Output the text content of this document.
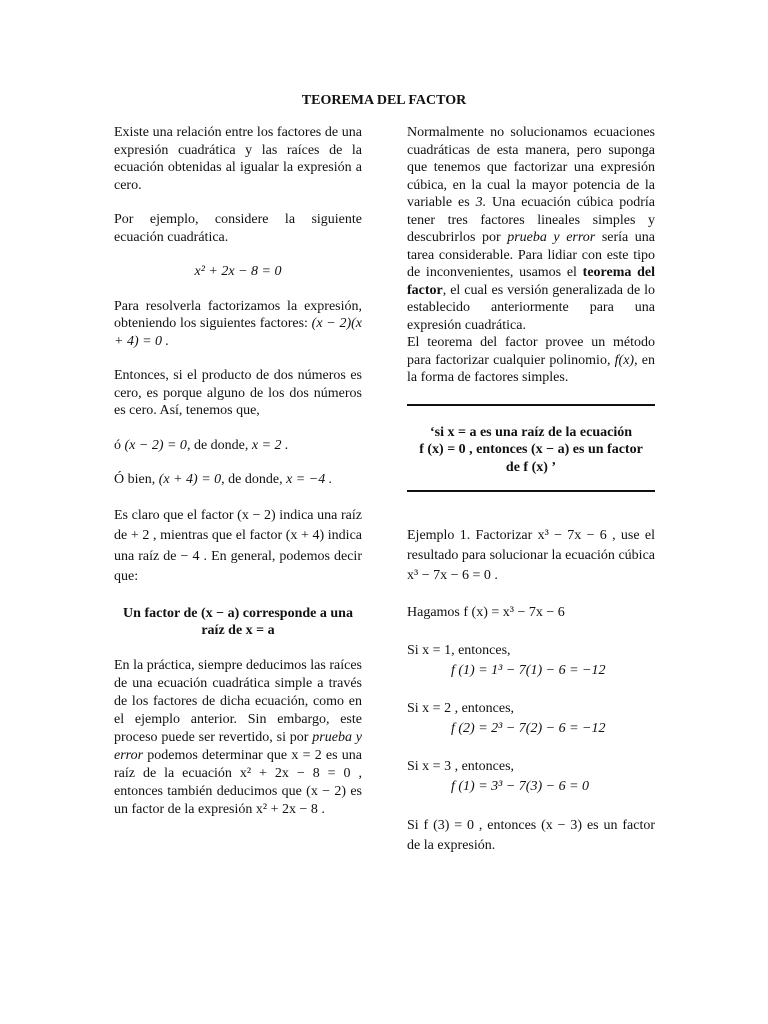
TEOREMA DEL FACTOR

Existe una relación entre los factores de una expresión cuadrática y las raíces de la ecuación obtenidas al igualar la expresión a cero.

Por ejemplo, considere la siguiente ecuación cuadrática.

x² + 2x − 8 = 0

Para resolverla factorizamos la expresión, obteniendo los siguientes factores: (x − 2)(x + 4) = 0 .

Entonces, si el producto de dos números es cero, es porque alguno de los dos números es cero. Así, tenemos que,

ó (x − 2) = 0, de donde, x = 2 .

Ó bien, (x + 4) = 0, de donde, x = −4 .

Es claro que el factor (x − 2) indica una raíz de + 2 , mientras que el factor (x + 4) indica una raíz de − 4 . En general, podemos decir que:

Un factor de (x − a) corresponde a una

raíz de x = a

En la práctica, siempre deducimos las raíces de una ecuación cuadrática simple a través de los factores de dicha ecuación, como en el ejemplo anterior. Sin embargo, este proceso puede ser revertido, si por prueba y error podemos determinar que x = 2 es una raíz de la ecuación x² + 2x − 8 = 0 , entonces también deducimos que (x − 2) es un factor de la expresión x² + 2x − 8 .

Normalmente no solucionamos ecuaciones cuadráticas de esta manera, pero suponga que tenemos que factorizar una expresión cúbica, en la cual la mayor potencia de la variable es 3. Una ecuación cúbica podría tener tres factores lineales simples y descubrirlos por prueba y error sería una tarea considerable. Para lidiar con este tipo de inconvenientes, usamos el teorema del factor, el cual es versión generalizada de lo establecido anteriormente para una expresión cuadrática.

El teorema del factor provee un método para factorizar cualquier polinomio, f(x), en la forma de factores simples.

‘si x = a es una raíz de la ecuación

f (x) = 0 , entonces (x − a) es un factor

de f (x) ’

Ejemplo 1. Factorizar x³ − 7x − 6 , use el resultado para solucionar la ecuación cúbica x³ − 7x − 6 = 0 .

Hagamos f (x) = x³ − 7x − 6

Si x = 1, entonces,

f (1) = 1³ − 7(1) − 6 = −12

Si x = 2 , entonces,

f (2) = 2³ − 7(2) − 6 = −12

Si x = 3 , entonces,

f (1) = 3³ − 7(3) − 6 = 0

Si f (3) = 0 , entonces (x − 3) es un factor de la expresión.
